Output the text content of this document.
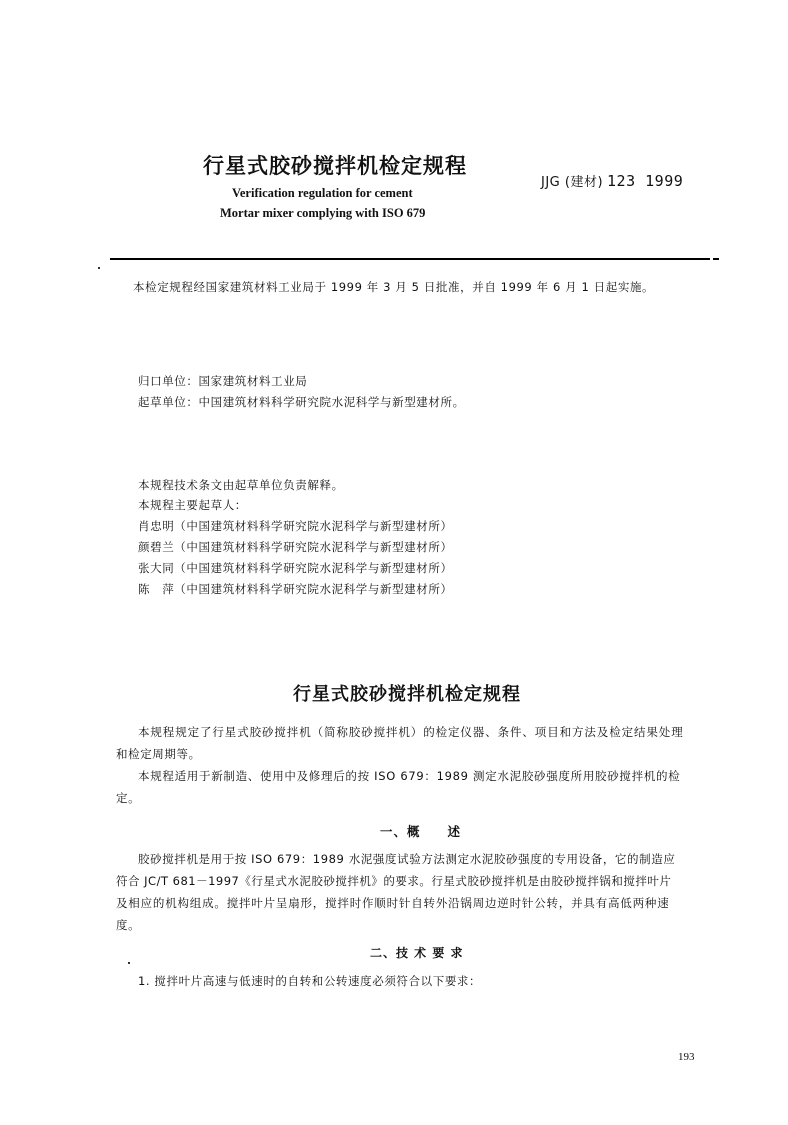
行星式胶砂搅拌机检定规程
Verification regulation for cement
Mortar mixer complying with ISO 679
JJG (建材) 123 1999
本检定规程经国家建筑材料工业局于 1999 年 3 月 5 日批准，并自 1999 年 6 月 1 日起实施。
归口单位：国家建筑材料工业局
起草单位：中国建筑材料科学研究院水泥科学与新型建材所。
本规程技术条文由起草单位负责解释。
本规程主要起草人：
肖忠明（中国建筑材料科学研究院水泥科学与新型建材所）
颜碧兰（中国建筑材料科学研究院水泥科学与新型建材所）
张大同（中国建筑材料科学研究院水泥科学与新型建材所）
陈　萍（中国建筑材料科学研究院水泥科学与新型建材所）
行星式胶砂搅拌机检定规程
本规程规定了行星式胶砂搅拌机（简称胶砂搅拌机）的检定仪器、条件、项目和方法及检定结果处理
和检定周期等。
本规程适用于新制造、使用中及修理后的按 ISO 679：1989 测定水泥胶砂强度所用胶砂搅拌机的检
定。
一、概　　述
胶砂搅拌机是用于按 ISO 679：1989 水泥强度试验方法测定水泥胶砂强度的专用设备，它的制造应
符合 JC/T 681－1997《行星式水泥胶砂搅拌机》的要求。行星式胶砂搅拌机是由胶砂搅拌锅和搅拌叶片
及相应的机构组成。搅拌叶片呈扇形，搅拌时作顺时针自转外沿锅周边逆时针公转，并具有高低两种速
度。
二、技 术 要 求
1. 搅拌叶片高速与低速时的自转和公转速度必须符合以下要求：
193
